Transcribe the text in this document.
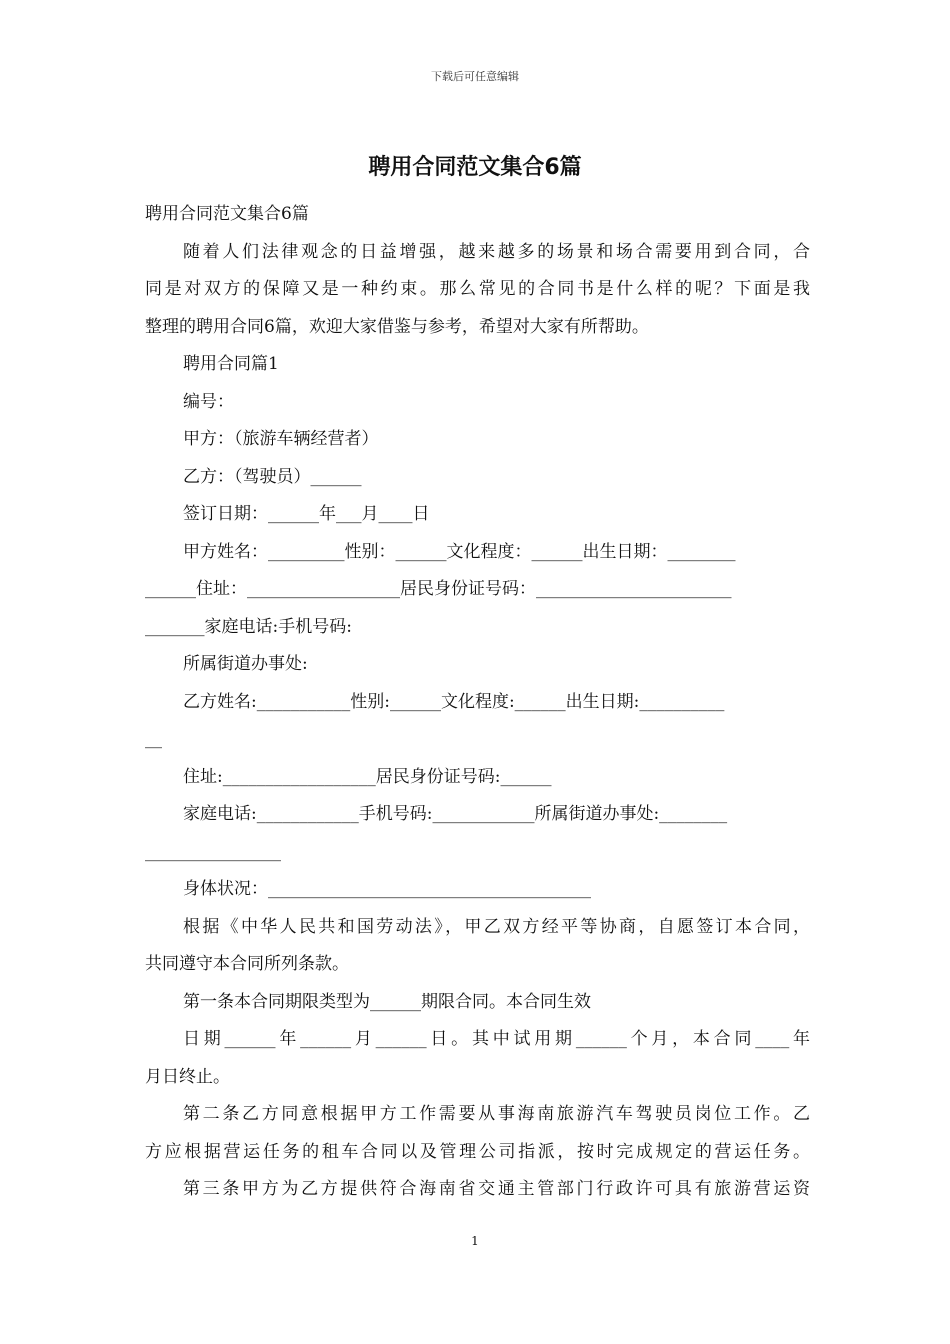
下载后可任意编辑
聘用合同范文集合6篇
聘用合同范文集合6篇
随着人们法律观念的日益增强，越来越多的场景和场合需要用到合同，合
同是对双方的保障又是一种约束。那么常见的合同书是什么样的呢？下面是我
整理的聘用合同6篇，欢迎大家借鉴与参考，希望对大家有所帮助。
聘用合同篇1
编号：
甲方：（旅游车辆经营者）
乙方：（驾驶员）______
签订日期：______年___月____日
甲方姓名：_________性别：______文化程度：______出生日期：________
______住址：__________________居民身份证号码：_______________________
_______家庭电话:手机号码:
所属街道办事处:
乙方姓名:___________性别:______文化程度:______出生日期:__________
__
住址:__________________居民身份证号码:______
家庭电话:____________手机号码:____________所属街道办事处:________
________________
身体状况：______________________________________
根据《中华人民共和国劳动法》，甲乙双方经平等协商，自愿签订本合同，
共同遵守本合同所列条款。
第一条本合同期限类型为______期限合同。本合同生效
日期______年______月______日。其中试用期______个月，本合同____年
月日终止。
第二条乙方同意根据甲方工作需要从事海南旅游汽车驾驶员岗位工作。乙
方应根据营运任务的租车合同以及管理公司指派，按时完成规定的营运任务。
第三条甲方为乙方提供符合海南省交通主管部门行政许可具有旅游营运资
1
